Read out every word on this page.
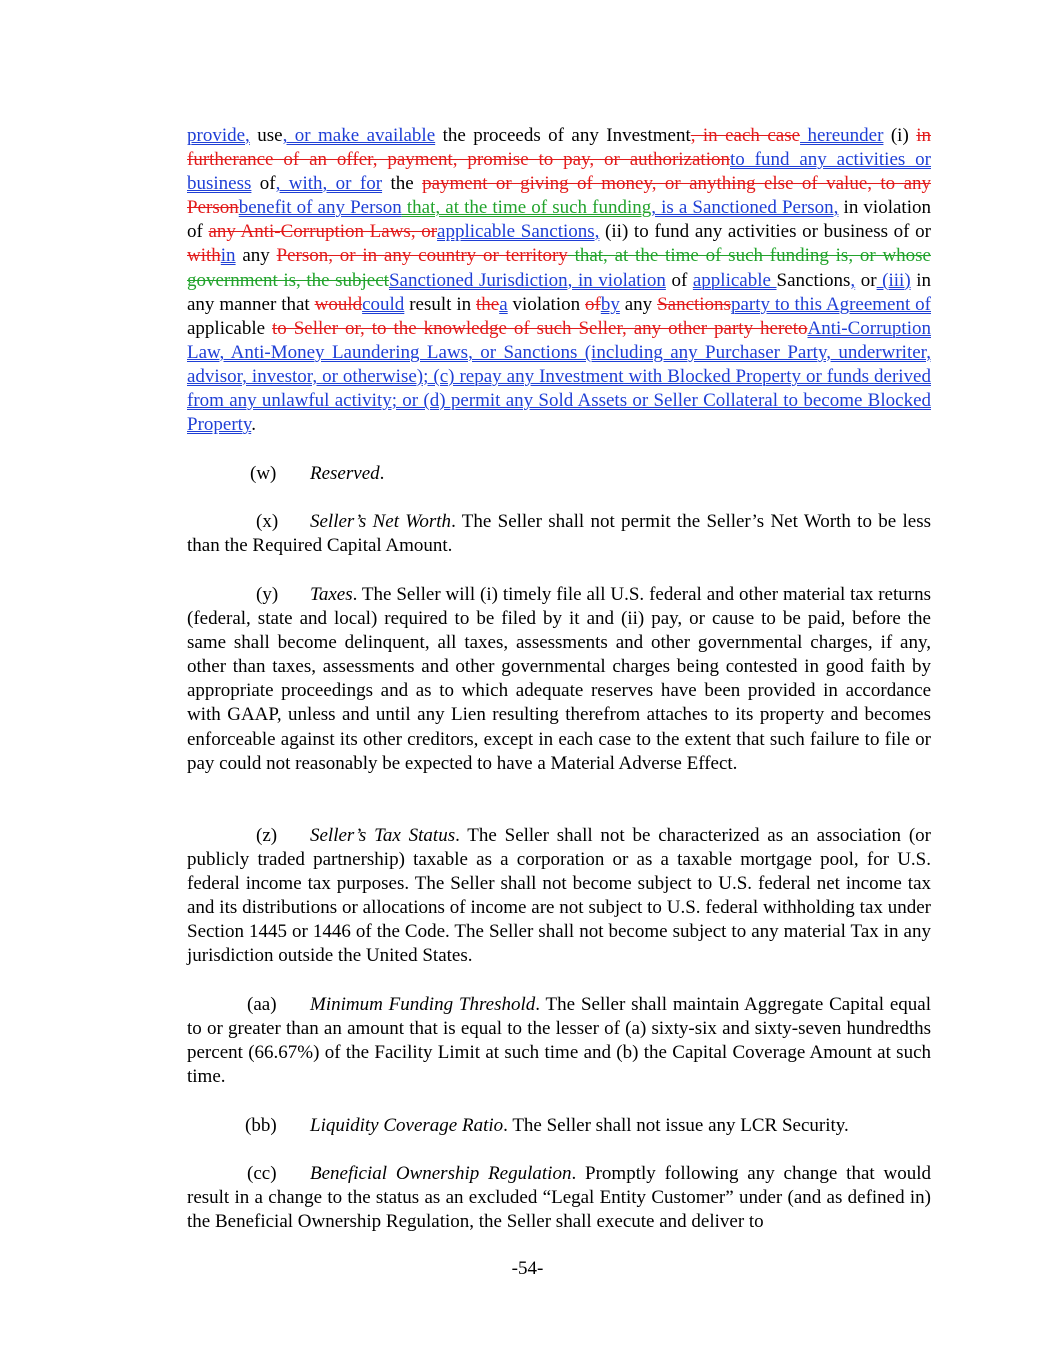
provide, use, or make available the proceeds of any Investment, in each case hereunder (i) in furtherance of an offer, payment, promise to pay, or authorizationto fund any activities or business of, with, or for the payment or giving of money, or anything else of value, to any Personbenefit of any Person that, at the time of such funding, is a Sanctioned Person, in violation of any Anti-Corruption Laws, orapplicable Sanctions, (ii) to fund any activities or business of or within any Person, or in any country or territory that, at the time of such funding is, or whose government is, the subjectSanctioned Jurisdiction, in violation of applicable Sanctions, or (iii) in any manner that wouldcould result in thea violation ofby any Sanctionsparty to this Agreement of applicable to Seller or, to the knowledge of such Seller, any other party heretoAnti-Corruption Law, Anti-Money Laundering Laws, or Sanctions (including any Purchaser Party, underwriter, advisor, investor, or otherwise); (c) repay any Investment with Blocked Property or funds derived from any unlawful activity; or (d) permit any Sold Assets or Seller Collateral to become Blocked Property.

(w) Reserved.

(x) Seller’s Net Worth. The Seller shall not permit the Seller’s Net Worth to be less than the Required Capital Amount.

(y) Taxes. The Seller will (i) timely file all U.S. federal and other material tax returns (federal, state and local) required to be filed by it and (ii) pay, or cause to be paid, before the same shall become delinquent, all taxes, assessments and other governmental charges, if any, other than taxes, assessments and other governmental charges being contested in good faith by appropriate proceedings and as to which adequate reserves have been provided in accordance with GAAP, unless and until any Lien resulting therefrom attaches to its property and becomes enforceable against its other creditors, except in each case to the extent that such failure to file or pay could not reasonably be expected to have a Material Adverse Effect.

(z) Seller’s Tax Status. The Seller shall not be characterized as an association (or publicly traded partnership) taxable as a corporation or as a taxable mortgage pool, for U.S. federal income tax purposes. The Seller shall not become subject to U.S. federal net income tax and its distributions or allocations of income are not subject to U.S. federal withholding tax under Section 1445 or 1446 of the Code. The Seller shall not become subject to any material Tax in any jurisdiction outside the United States.

(aa) Minimum Funding Threshold. The Seller shall maintain Aggregate Capital equal to or greater than an amount that is equal to the lesser of (a) sixty-six and sixty-seven hundredths percent (66.67%) of the Facility Limit at such time and (b) the Capital Coverage Amount at such time.

(bb) Liquidity Coverage Ratio. The Seller shall not issue any LCR Security.

(cc) Beneficial Ownership Regulation. Promptly following any change that would result in a change to the status as an excluded “Legal Entity Customer” under (and as defined in) the Beneficial Ownership Regulation, the Seller shall execute and deliver to

-54-
